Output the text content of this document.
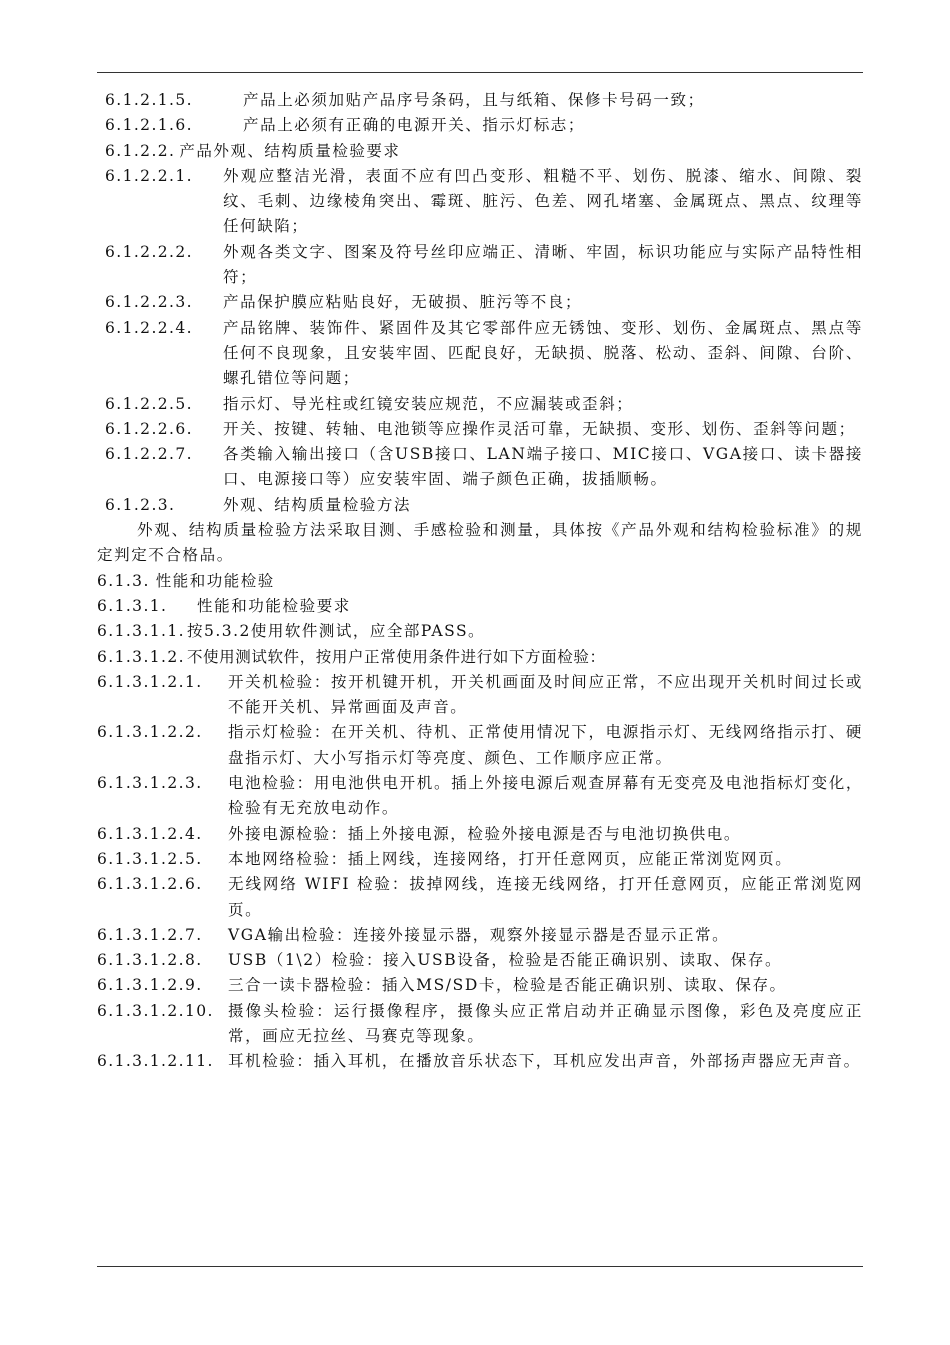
6.1.2.1.5.	产品上必须加贴产品序号条码，且与纸箱、保修卡号码一致；
6.1.2.1.6.	产品上必须有正确的电源开关、指示灯标志；
6.1.2.2. 产品外观、结构质量检验要求
6.1.2.2.1.	外观应整洁光滑，表面不应有凹凸变形、粗糙不平、划伤、脱漆、缩水、间隙、裂纹、毛刺、边缘棱角突出、霉斑、脏污、色差、网孔堵塞、金属斑点、黑点、纹理等任何缺陷；
6.1.2.2.2.	外观各类文字、图案及符号丝印应端正、清晰、牢固，标识功能应与实际产品特性相符；
6.1.2.2.3.	产品保护膜应粘贴良好，无破损、脏污等不良；
6.1.2.2.4.	产品铭牌、装饰件、紧固件及其它零部件应无锈蚀、变形、划伤、金属斑点、黑点等任何不良现象，且安装牢固、匹配良好，无缺损、脱落、松动、歪斜、间隙、台阶、螺孔错位等问题；
6.1.2.2.5.	指示灯、导光柱或红镜安装应规范，不应漏装或歪斜；
6.1.2.2.6.	开关、按键、转轴、电池锁等应操作灵活可靠，无缺损、变形、划伤、歪斜等问题；
6.1.2.2.7.	各类输入输出接口（含USB接口、LAN端子接口、MIC接口、VGA接口、读卡器接口、电源接口等）应安装牢固、端子颜色正确，拔插顺畅。
6.1.2.3.	外观、结构质量检验方法
外观、结构质量检验方法采取目测、手感检验和测量，具体按《产品外观和结构检验标准》的规定判定不合格品。
6.1.3. 性能和功能检验
6.1.3.1.	性能和功能检验要求
6.1.3.1.1. 按5.3.2使用软件测试，应全部PASS。
6.1.3.1.2. 不使用测试软件，按用户正常使用条件进行如下方面检验：
6.1.3.1.2.1.	开关机检验：按开机键开机，开关机画面及时间应正常，不应出现开关机时间过长或不能开关机、异常画面及声音。
6.1.3.1.2.2.	指示灯检验：在开关机、待机、正常使用情况下，电源指示灯、无线网络指示打、硬盘指示灯、大小写指示灯等亮度、颜色、工作顺序应正常。
6.1.3.1.2.3.	电池检验：用电池供电开机。插上外接电源后观查屏幕有无变亮及电池指标灯变化，检验有无充放电动作。
6.1.3.1.2.4.	外接电源检验：插上外接电源，检验外接电源是否与电池切换供电。
6.1.3.1.2.5.	本地网络检验：插上网线，连接网络，打开任意网页，应能正常浏览网页。
6.1.3.1.2.6.	无线网络 WIFI 检验：拔掉网线，连接无线网络，打开任意网页，应能正常浏览网页。
6.1.3.1.2.7.	VGA输出检验：连接外接显示器，观察外接显示器是否显示正常。
6.1.3.1.2.8.	USB（1\2）检验：接入USB设备，检验是否能正确识别、读取、保存。
6.1.3.1.2.9.	三合一读卡器检验：插入MS/SD卡，检验是否能正确识别、读取、保存。
6.1.3.1.2.10. 摄像头检验：运行摄像程序，摄像头应正常启动并正确显示图像，彩色及亮度应正常，画应无拉丝、马赛克等现象。
6.1.3.1.2.11. 耳机检验：插入耳机，在播放音乐状态下，耳机应发出声音，外部扬声器应无声音。
